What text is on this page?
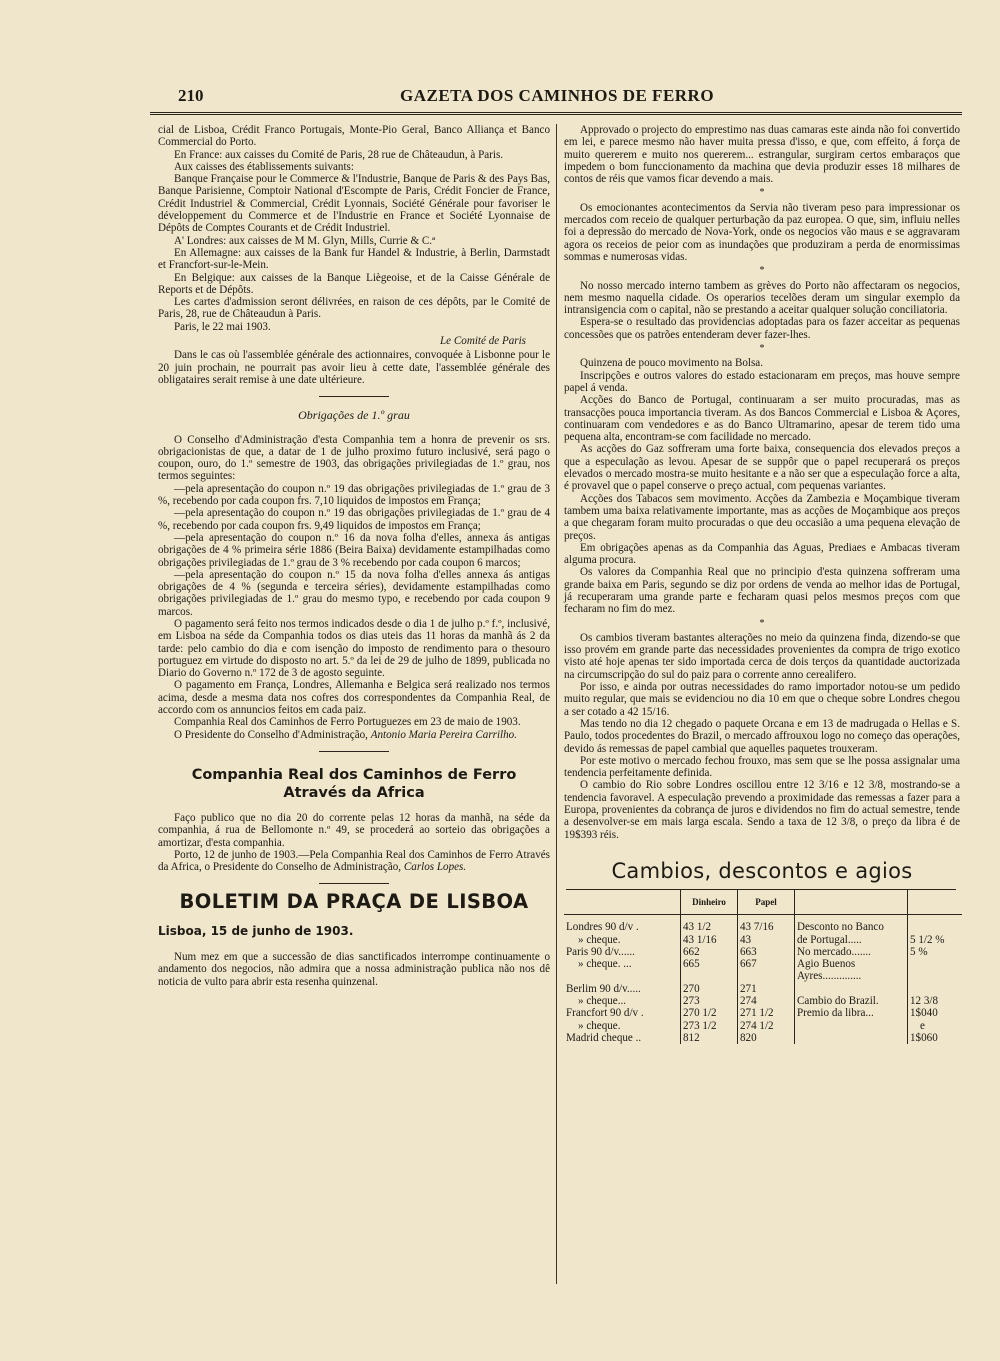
210	GAZETA DOS CAMINHOS DE FERRO

cial de Lisboa, Crédit Franco Portugais, Monte-Pio Geral, Banco Alliança et Banco Commercial do Porto.

En France: aux caisses du Comité de Paris, 28 rue de Châteaudun, à Paris.

Aux caisses des établissements suivants:

Banque Française pour le Commerce & l'Industrie, Banque de Paris & des Pays Bas, Banque Parisienne, Comptoir National d'Escompte de Paris, Crédit Foncier de France, Crédit Industriel & Commercial, Crédit Lyonnais, Société Générale pour favoriser le développement du Commerce et de l'Industrie en France et Société Lyonnaise de Dépôts de Comptes Courants et de Crédit Industriel.

A' Londres: aux caisses de M M. Glyn, Mills, Currie & C.ª

En Allemagne: aux caisses de la Bank fur Handel & Industrie, à Berlin, Darmstadt et Francfort-sur-le-Mein.

En Belgique: aux caisses de la Banque Liègeoise, et de la Caisse Générale de Reports et de Dépôts.

Les cartes d'admission seront délivrées, en raison de ces dépôts, par le Comité de Paris, 28, rue de Châteaudun à Paris.

Paris, le 22 mai 1903.

Le Comité de Paris

Dans le cas où l'assemblée générale des actionnaires, convoquée à Lisbonne pour le 20 juin prochain, ne pourrait pas avoir lieu à cette date, l'assemblée générale des obligataires serait remise à une date ultérieure.

Obrigações de 1.º grau

O Conselho d'Administração d'esta Companhia tem a honra de prevenir os srs. obrigacionistas de que, a datar de 1 de julho proximo futuro inclusivé, será pago o coupon, ouro, do 1.º semestre de 1903, das obrigações privilegiadas de 1.º grau, nos termos seguintes:

—pela apresentação do coupon n.º 19 das obrigações privilegiadas de 1.º grau de 3 %, recebendo por cada coupon frs. 7,10 liquidos de impostos em França;

—pela apresentação do coupon n.º 19 das obrigações privilegiadas de 1.º grau de 4 %, recebendo por cada coupon frs. 9,49 liquidos de impostos em França;

—pela apresentação do coupon n.º 16 da nova folha d'elles, annexa ás antigas obrigações de 4 % primeira série 1886 (Beira Baixa) devidamente estampilhadas como obrigações privilegiadas de 1.º grau de 3 % recebendo por cada coupon 6 marcos;

—pela apresentação do coupon n.º 15 da nova folha d'elles annexa ás antigas obrigações de 4 % (segunda e terceira séries), devidamente estampilhadas como obrigações privilegiadas de 1.º grau do mesmo typo, e recebendo por cada coupon 9 marcos.

O pagamento será feito nos termos indicados desde o dia 1 de julho p.º f.º, inclusivé, em Lisboa na séde da Companhia todos os dias uteis das 11 horas da manhã ás 2 da tarde: pelo cambio do dia e com isenção do imposto de rendimento para o thesouro portuguez em virtude do disposto no art. 5.º da lei de 29 de julho de 1899, publicada no Diario do Governo n.º 172 de 3 de agosto seguinte.

O pagamento em França, Londres, Allemanha e Belgica será realizado nos termos acima, desde a mesma data nos cofres dos correspondentes da Companhia Real, de accordo com os annuncios feitos em cada paiz.

Companhia Real dos Caminhos de Ferro Portuguezes em 23 de maio de 1903.

O Presidente do Conselho d'Administração, Antonio Maria Pereira Carrilho.

Companhia Real dos Caminhos de Ferro Através da Africa

Faço publico que no dia 20 do corrente pelas 12 horas da manhã, na séde da companhia, á rua de Bellomonte n.º 49, se procederá ao sorteio das obrigações a amortizar, d'esta companhia.

Porto, 12 de junho de 1903.—Pela Companhia Real dos Caminhos de Ferro Através da Africa, o Presidente do Conselho de Administração, Carlos Lopes.

BOLETIM DA PRAÇA DE LISBOA

Lisboa, 15 de junho de 1903.

Num mez em que a successão de dias sanctificados interrompe continuamente o andamento dos negocios, não admira que a nossa administração publica não nos dê noticia de vulto para abrir esta resenha quinzenal.

Approvado o projecto do emprestimo nas duas camaras este ainda não foi convertido em lei, e parece mesmo não haver muita pressa d'isso, e que, com effeito, á força de muito quererem e muito nos quererem... estrangular, surgiram certos embaraços que impedem o bom funccionamento da machina que devia produzir esses 18 milhares de contos de réis que vamos ficar devendo a mais.

*

Os emocionantes acontecimentos da Servia não tiveram peso para impressionar os mercados com receio de qualquer perturbação da paz europea. O que, sim, influiu nelles foi a depressão do mercado de Nova-York, onde os negocios vão maus e se aggravaram agora os receios de peior com as inundações que produziram a perda de enormissimas sommas e numerosas vidas.

*

No nosso mercado interno tambem as grèves do Porto não affectaram os negocios, nem mesmo naquella cidade. Os operarios tecelões deram um singular exemplo da intransigencia com o capital, não se prestando a aceitar qualquer solução conciliatoria.

Espera-se o resultado das providencias adoptadas para os fazer acceitar as pequenas concessões que os patrões entenderam dever fazer-lhes.

*

Quinzena de pouco movimento na Bolsa.

Inscripções e outros valores do estado estacionaram em preços, mas houve sempre papel á venda.

Acções do Banco de Portugal, continuaram a ser muito procuradas, mas as transacções pouca importancia tiveram. As dos Bancos Commercial e Lisboa & Açores, continuaram com vendedores e as do Banco Ultramarino, apesar de terem tido uma pequena alta, encontram-se com facilidade no mercado.

As acções do Gaz soffreram uma forte baixa, consequencia dos elevados preços a que a especulação as levou. Apesar de se suppôr que o papel recuperará os preços elevados o mercado mostra-se muito hesitante e a não ser que a especulação force a alta, é provavel que o papel conserve o preço actual, com pequenas variantes.

Acções dos Tabacos sem movimento. Acções da Zambezia e Moçambique tiveram tambem uma baixa relativamente importante, mas as acções de Moçambique aos preços a que chegaram foram muito procuradas o que deu occasião a uma pequena elevação de preços.

Em obrigações apenas as da Companhia das Aguas, Prediaes e Ambacas tiveram alguma procura.

Os valores da Companhia Real que no principio d'esta quinzena soffreram uma grande baixa em Paris, segundo se diz por ordens de venda ao melhor idas de Portugal, já recuperaram uma grande parte e fecharam quasi pelos mesmos preços com que fecharam no fim do mez.

*

Os cambios tiveram bastantes alterações no meio da quinzena finda, dizendo-se que isso provém em grande parte das necessidades provenientes da compra de trigo exotico visto até hoje apenas ter sido importada cerca de dois terços da quantidade auctorizada na circumscripção do sul do paiz para o corrente anno cerealifero.

Por isso, e ainda por outras necessidades do ramo importador notou-se um pedido muito regular, que mais se evidenciou no dia 10 em que o cheque sobre Londres chegou a ser cotado a 42 15/16.

Mas tendo no dia 12 chegado o paquete Orcana e em 13 de madrugada o Hellas e S. Paulo, todos procedentes do Brazil, o mercado affrouxou logo no começo das operações, devido ás remessas de papel cambial que aquelles paquetes trouxeram.

Por este motivo o mercado fechou frouxo, mas sem que se lhe possa assignalar uma tendencia perfeitamente definida.

O cambio do Rio sobre Londres oscillou entre 12 3/16 e 12 3/8, mostrando-se a tendencia favoravel. A especulação prevendo a proximidade das remessas a fazer para a Europa, provenientes da cobrança de juros e dividendos no fim do actual semestre, tende a desenvolver-se em mais larga escala. Sendo a taxa de 12 3/8, o preço da libra é de 19$393 réis.

Cambios, descontos e agios
	Dinheiro	Papel		
Londres 90 d/v .	43 1/2	43 7/16	Desconto no Banco	
» cheque.	43 1/16	43	de Portugal.....	5 1/2 %
Paris 90 d/v......	662	663	No mercado.......	5 %
» cheque. ...	665	667	Agio Buenos Ayres..............	
Berlim 90 d/v.....	270	271		
» cheque...	273	274	Cambio do Brazil.	12 3/8
Francfort 90 d/v .	270 1/2	271 1/2	Premio da libra...	1$040
» cheque.	273 1/2	274 1/2		e
Madrid cheque ..	812	820		1$060
